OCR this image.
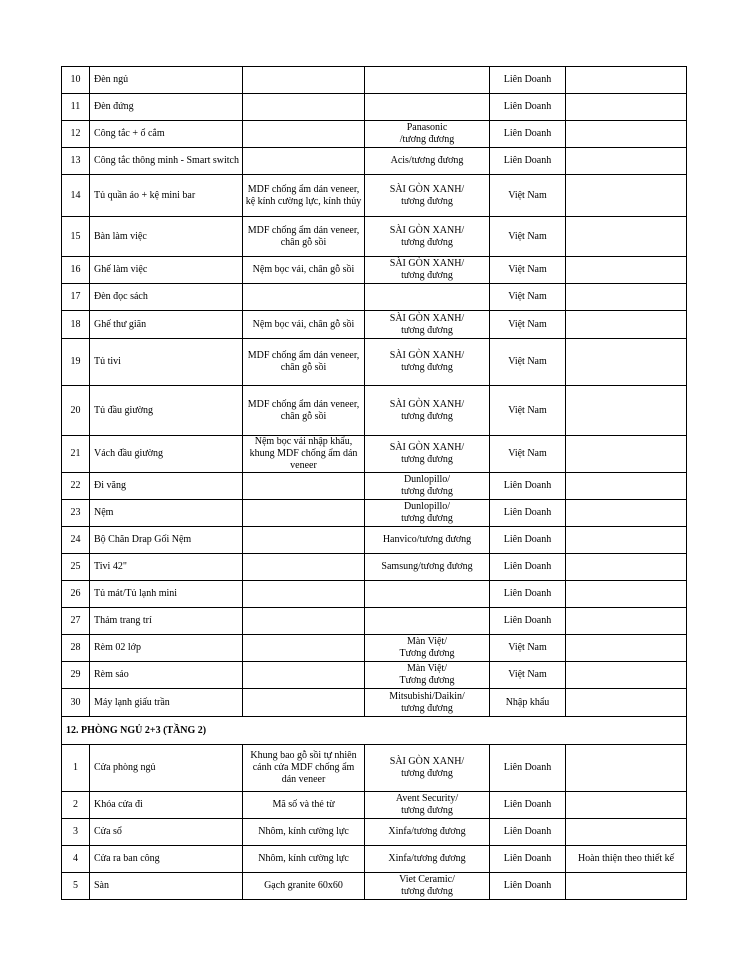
10	Đèn ngủ			Liên Doanh	

11	Đèn đứng			Liên Doanh	

12	Công tắc + ổ cắm		Panasonic
/tương đương	Liên Doanh	

13	Công tắc thông minh - Smart switch		Acis/tương đương	Liên Doanh	

14	Tủ quần áo + kệ mini bar	MDF chống ẩm dán veneer,
kệ kính cường lực, kính thủy	SÀI GÒN XANH/
tương đương	Việt Nam	

15	Bàn làm việc	MDF chống ẩm dán veneer,
chân gỗ sồi	SÀI GÒN XANH/
tương đương	Việt Nam	

16	Ghế làm việc	Nệm bọc vải, chân gỗ sồi	SÀI GÒN XANH/
tương đương	Việt Nam	

17	Đèn đọc sách			Việt Nam	

18	Ghế thư giãn	Nệm bọc vải, chân gỗ sồi	SÀI GÒN XANH/
tương đương	Việt Nam	

19	Tủ tivi	MDF chống ẩm dán veneer,
chân gỗ sồi	SÀI GÒN XANH/
tương đương	Việt Nam	

20	Tủ đầu giường	MDF chống ẩm dán veneer,
chân gỗ sồi	SÀI GÒN XANH/
tương đương	Việt Nam	

21	Vách đầu giường	Nệm bọc vải nhập khẩu,
khung MDF chống ẩm dán
veneer	SÀI GÒN XANH/
tương đương	Việt Nam	

22	Đi văng		Dunlopillo/
tương đương	Liên Doanh	

23	Nệm		Dunlopillo/
tương đương	Liên Doanh	

24	Bộ Chăn Drap Gối Nệm		Hanvico/tương đương	Liên Doanh	

25	Tivi 42"		Samsung/tương đương	Liên Doanh	

26	Tủ mát/Tủ lạnh mini			Liên Doanh	

27	Thảm trang trí			Liên Doanh	

28	Rèm 02 lớp		Màn Việt/
Tương đương	Việt Nam	

29	Rèm sáo		Màn Việt/
Tương đương	Việt Nam	

30	Máy lạnh giấu trần		Mitsubishi/Daikin/
tương đương	Nhập khẩu	

12. PHÒNG NGỦ 2+3 (TẦNG 2)					

1	Cửa phòng ngủ	Khung bao gỗ sồi tự nhiên
cánh cửa MDF chống ẩm
dán veneer	SÀI GÒN XANH/
tương đương	Liên Doanh	

2	Khóa cửa đi	Mã số và thẻ từ	Avent Security/
tương đương	Liên Doanh	

3	Cửa sổ	Nhôm, kính cường lực	Xinfa/tương đương	Liên Doanh	

4	Cửa ra ban công	Nhôm, kính cường lực	Xinfa/tương đương	Liên Doanh	Hoàn thiện theo thiết kế

5	Sàn	Gạch granite 60x60	Viet Ceramic/
tương đương	Liên Doanh	
